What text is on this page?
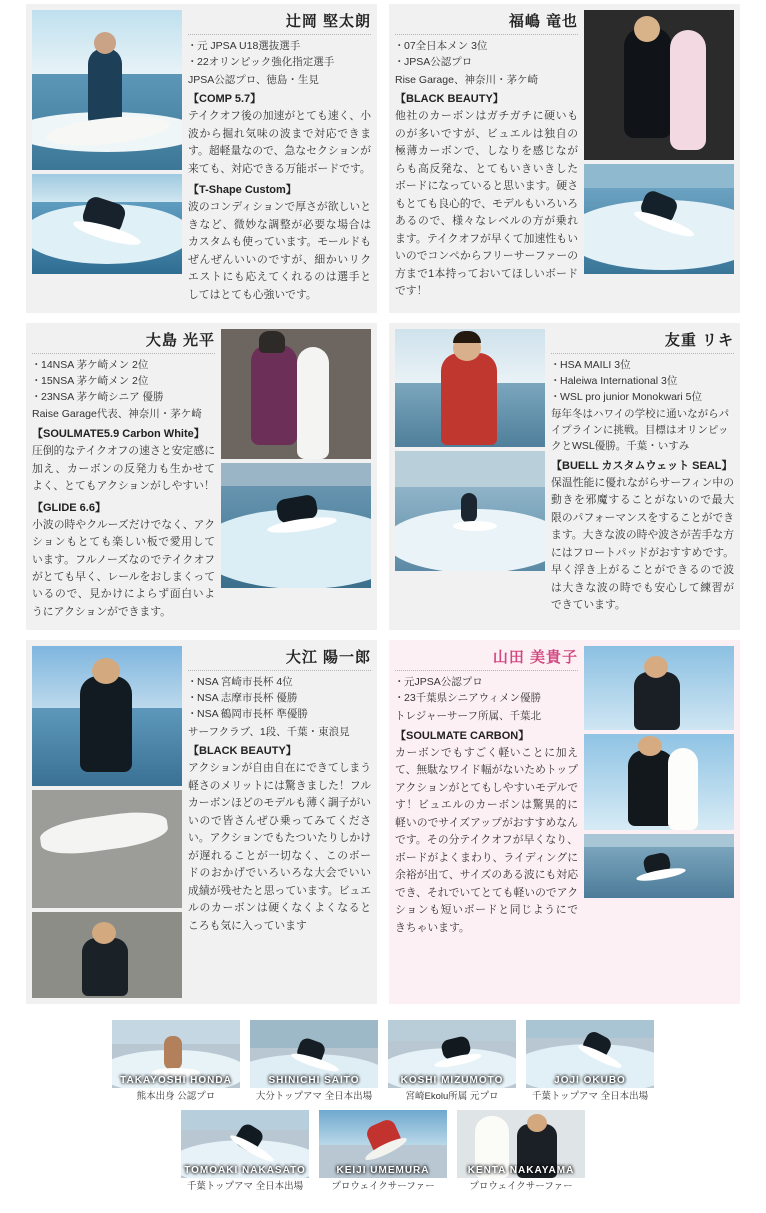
辻岡 堅太朗
・ 元 JPSA U18選抜選手
・ 22オリンピック強化指定選手

JPSA公認プロ、徳島・生見

【COMP 5.7】

テイクオフ後の加速がとても速く、小波から掘れ気味の波まで対応できます。超軽量なので、急なセクションが来ても、対応できる万能ボードです。

【T-Shape Custom】

波のコンディションで厚さが欲しいときなど、微妙な調整が必要な場合はカスタムも使っています。モールドもぜんぜんいいのですが、細かいリクエストにも応えてくれるのは選手としてはとても心強いです。

福嶋 竜也
・ 07全日本メン 3位
・ JPSA公認プロ

Rise Garage、神奈川・茅ケ崎

【BLACK BEAUTY】

他社のカーボンはガチガチに硬いものが多いですが、ビュエルは独自の極薄カーボンで、しなりを感じながらも高反発な、とてもいきいきしたボードになっていると思います。硬さもとても良心的で、モデルもいろいろあるので、様々なレベルの方が乗れます。テイクオフが早くて加速性もいいのでコンペからフリーサーファーの方まで1本持っておいてほしいボードです！

大島 光平
・ 14NSA 茅ケ崎メン 2位
・ 15NSA 茅ケ崎メン 2位
・ 23NSA 茅ケ崎シニア 優勝

Raise Garage代表、神奈川・茅ケ崎

【SOULMATE5.9 Carbon White】

圧倒的なテイクオフの速さと安定感に加え、カーボンの反発力も生かせてよく、とてもアクションがしやすい！

【GLIDE 6.6】

小波の時やクルーズだけでなく、アクションもとても楽しい板で愛用しています。フルノーズなのでテイクオフがとても早く、レールをおしまくっているので、見かけによらず面白いようにアクションができます。

友重 リキ
・ HSA MAILI 3位
・ Haleiwa International 3位
・ WSL pro junior Monokwari 5位

毎年冬はハワイの学校に通いながらパイプラインに挑戦。目標はオリンピックとWSL優勝。千葉・いすみ

【BUELL カスタムウェット SEAL】

保温性能に優れながらサーフィン中の動きを邪魔することがないので最大限のパフォーマンスをすることができます。大きな波の時や波さが苦手な方にはフロートパッドがおすすめです。早く浮き上がることができるので波は大きな波の時でも安心して練習ができています。

大江 陽一郎
・ NSA 宮崎市長杯 4位
・ NSA 志摩市長杯 優勝
・ NSA 鶴岡市長杯 準優勝

サーフクラブ、1段、千葉・東浪見

【BLACK BEAUTY】

アクションが自由自在にできてしまう軽さのメリットには驚きました！フルカーボンほどのモデルも薄く調子がいいので皆さんぜひ乗ってみてください。アクションでもたついたりしかけが遅れることが一切なく、このボードのおかげでいろいろな大会でいい成績が残せたと思っています。ビュエルのカーボンは硬くなくよくなるところも気に入っています

山田 美貴子
・ 元JPSA公認プロ
・ 23千葉県シニアウィメン優勝

トレジャーサーフ所属、千葉北

【SOULMATE CARBON】

カーボンでもすごく軽いことに加えて、無駄なワイド幅がないためトップアクションがとてもしやすいモデルです！ビュエルのカーボンは驚異的に軽いのでサイズアップがおすすめなんです。その分テイクオフが早くなり、ボードがよくまわり、ライディングに余裕が出て、サイズのある波にも対応でき、それでいてとても軽いのでアクションも短いボードと同じようにできちゃいます。

TAKAYOSHI HONDA
熊本出身 公認プロ
SHINICHI SAITO
大分トップアマ 全日本出場
KOSHI MIZUMOTO
宮崎Ekolu所属 元プロ
JOJI OKUBO
千葉トップアマ 全日本出場
TOMOAKI NAKASATO
千葉トップアマ 全日本出場
KEIJI UMEMURA
プロウェイクサーファー
KENTA NAKAYAMA
プロウェイクサーファー
